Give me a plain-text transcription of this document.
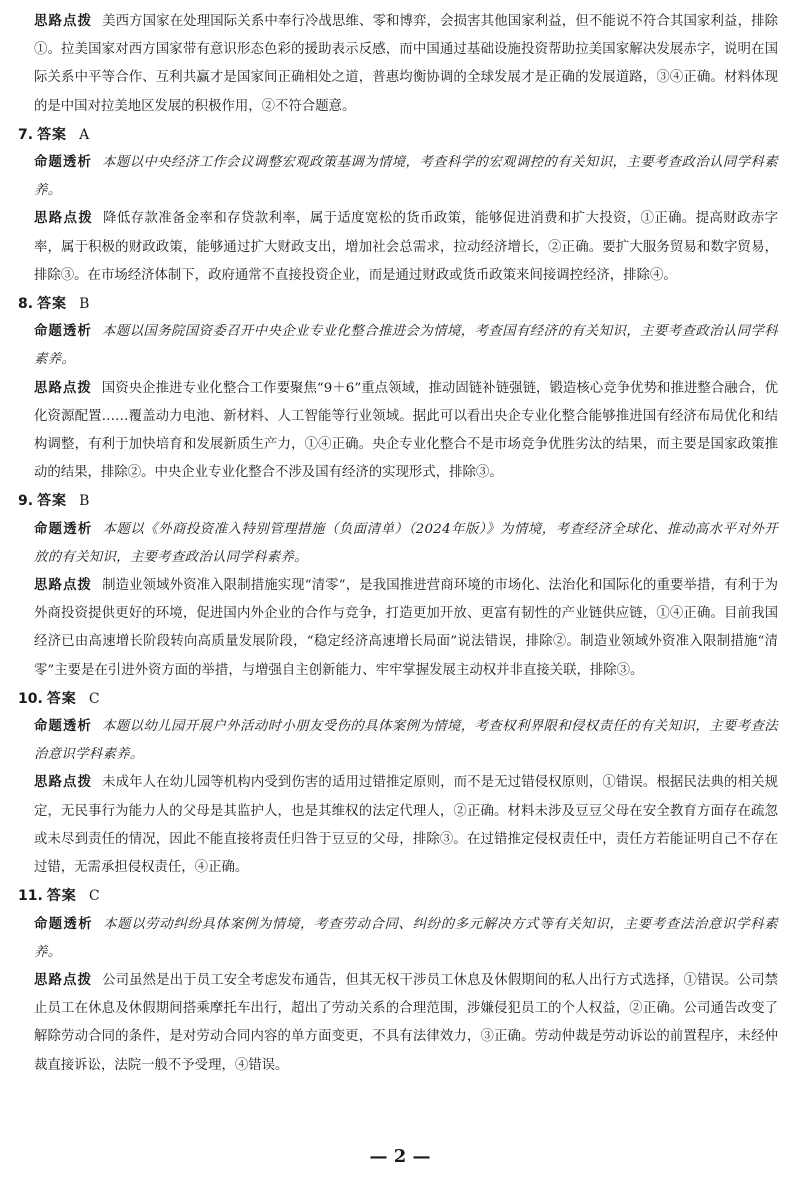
思路点拨 美西方国家在处理国际关系中奉行冷战思维、零和博弈，会损害其他国家利益，但不能说不符合其国家利益，排除①。拉美国家对西方国家带有意识形态色彩的援助表示反感，而中国通过基础设施投资帮助拉美国家解决发展赤字，说明在国际关系中平等合作、互利共赢才是国家间正确相处之道，普惠均衡协调的全球发展才是正确的发展道路，③④正确。材料体现的是中国对拉美地区发展的积极作用，②不符合题意。

7. 答案 A

命题透析 本题以中央经济工作会议调整宏观政策基调为情境，考查科学的宏观调控的有关知识，主要考查政治认同学科素养。

思路点拨 降低存款准备金率和存贷款利率，属于适度宽松的货币政策，能够促进消费和扩大投资，①正确。提高财政赤字率，属于积极的财政政策，能够通过扩大财政支出，增加社会总需求，拉动经济增长，②正确。要扩大服务贸易和数字贸易，排除③。在市场经济体制下，政府通常不直接投资企业，而是通过财政或货币政策来间接调控经济，排除④。

8. 答案 B

命题透析 本题以国务院国资委召开中央企业专业化整合推进会为情境，考查国有经济的有关知识，主要考查政治认同学科素养。

思路点拨 国资央企推进专业化整合工作要聚焦“9＋6”重点领域，推动固链补链强链，锻造核心竞争优势和推进整合融合，优化资源配置……覆盖动力电池、新材料、人工智能等行业领域。据此可以看出央企专业化整合能够推进国有经济布局优化和结构调整，有利于加快培育和发展新质生产力，①④正确。央企专业化整合不是市场竞争优胜劣汰的结果，而主要是国家政策推动的结果，排除②。中央企业专业化整合不涉及国有经济的实现形式，排除③。

9. 答案 B

命题透析 本题以《外商投资准入特别管理措施（负面清单）（2024年版）》为情境，考查经济全球化、推动高水平对外开放的有关知识，主要考查政治认同学科素养。

思路点拨 制造业领域外资准入限制措施实现“清零”，是我国推进营商环境的市场化、法治化和国际化的重要举措，有利于为外商投资提供更好的环境，促进国内外企业的合作与竞争，打造更加开放、更富有韧性的产业链供应链，①④正确。目前我国经济已由高速增长阶段转向高质量发展阶段，“稳定经济高速增长局面”说法错误，排除②。制造业领域外资准入限制措施“清零”主要是在引进外资方面的举措，与增强自主创新能力、牢牢掌握发展主动权并非直接关联，排除③。

10. 答案 C

命题透析 本题以幼儿园开展户外活动时小朋友受伤的具体案例为情境，考查权利界限和侵权责任的有关知识，主要考查法治意识学科素养。

思路点拨 未成年人在幼儿园等机构内受到伤害的适用过错推定原则，而不是无过错侵权原则，①错误。根据民法典的相关规定，无民事行为能力人的父母是其监护人，也是其维权的法定代理人，②正确。材料未涉及豆豆父母在安全教育方面存在疏忽或未尽到责任的情况，因此不能直接将责任归咎于豆豆的父母，排除③。在过错推定侵权责任中，责任方若能证明自己不存在过错，无需承担侵权责任，④正确。

11. 答案 C

命题透析 本题以劳动纠纷具体案例为情境，考查劳动合同、纠纷的多元解决方式等有关知识，主要考查法治意识学科素养。

思路点拨 公司虽然是出于员工安全考虑发布通告，但其无权干涉员工休息及休假期间的私人出行方式选择，①错误。公司禁止员工在休息及休假期间搭乘摩托车出行，超出了劳动关系的合理范围，涉嫌侵犯员工的个人权益，②正确。公司通告改变了解除劳动合同的条件，是对劳动合同内容的单方面变更，不具有法律效力，③正确。劳动仲裁是劳动诉讼的前置程序，未经仲裁直接诉讼，法院一般不予受理，④错误。

— 2 —
